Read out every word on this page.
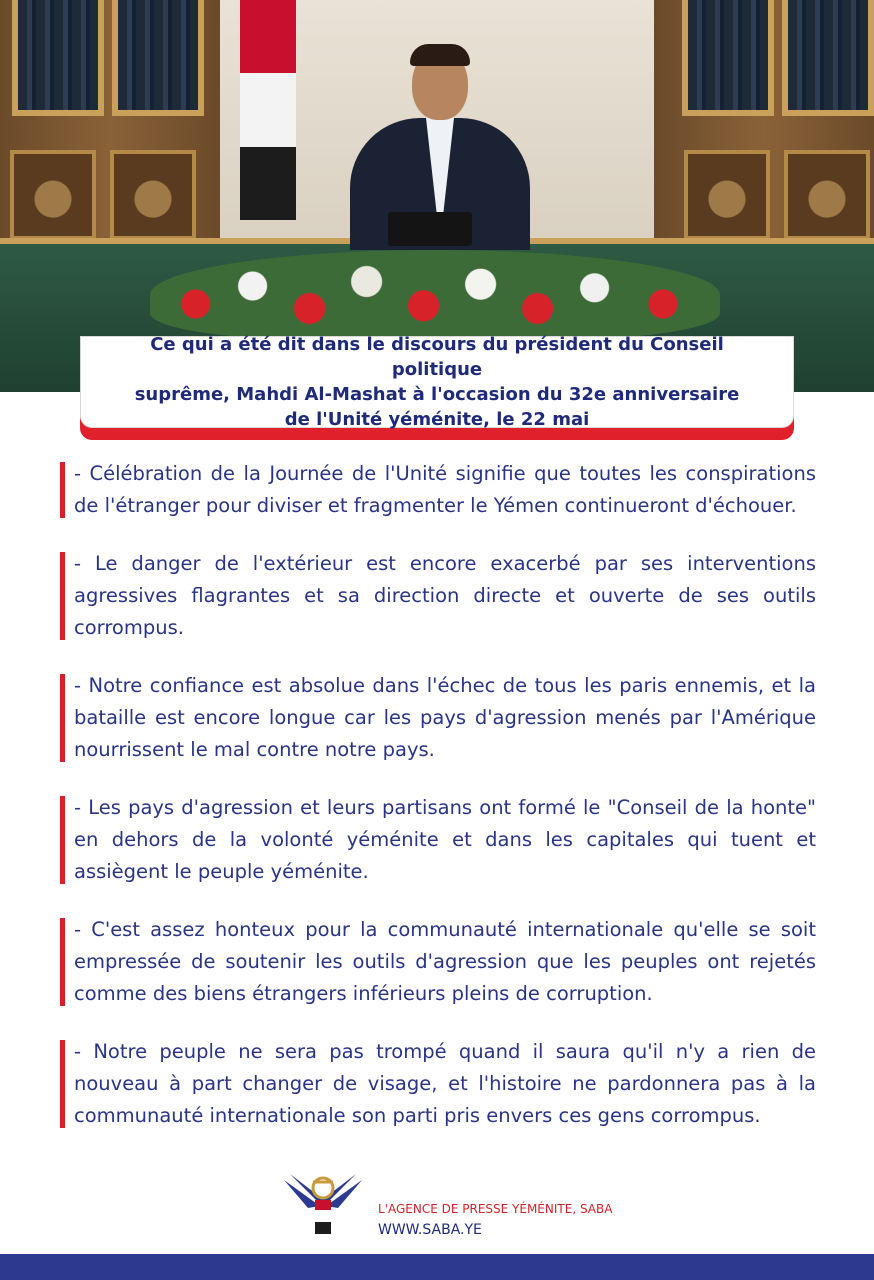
Ce qui a été dit dans le discours du président du Conseil politique
suprême, Mahdi Al-Mashat à l'occasion du 32e anniversaire
de l'Unité yéménite, le 22 mai
- Célébration de la Journée de l'Unité signifie que toutes les conspirations de l'étranger pour diviser et fragmenter le Yémen continueront d'échouer.
- Le danger de l'extérieur est encore exacerbé par ses interventions agressives flagrantes et sa direction directe et ouverte de ses outils corrompus.
- Notre confiance est absolue dans l'échec de tous les paris ennemis, et la bataille est encore longue car les pays d'agression menés par l'Amérique nourrissent le mal contre notre pays.
- Les pays d'agression et leurs partisans ont formé le "Conseil de la honte" en dehors de la volonté yéménite et dans les capitales qui tuent et assiègent le peuple yéménite.
- C'est assez honteux pour la communauté internationale qu'elle se soit empressée de soutenir les outils d'agression que les peuples ont rejetés comme des biens étrangers inférieurs pleins de corruption.
- Notre peuple ne sera pas trompé quand il saura qu'il n'y a rien de nouveau à part changer de visage, et l'histoire ne pardonnera pas à la communauté internationale son parti pris envers ces gens corrompus.
L'AGENCE DE PRESSE YÉMÉNITE, SABA
WWW.SABA.YE
